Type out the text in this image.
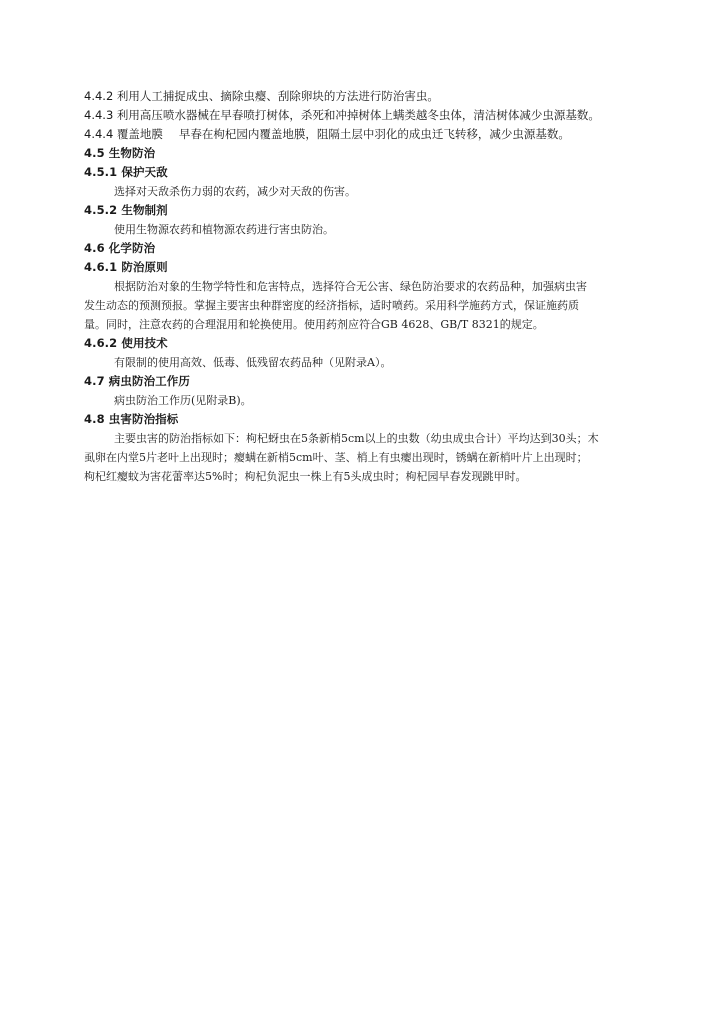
4.4.2 利用人工捕捉成虫、摘除虫瘿、刮除卵块的方法进行防治害虫。
4.4.3 利用高压喷水器械在早春喷打树体，杀死和冲掉树体上螨类越冬虫体，清洁树体减少虫源基数。
4.4.4 覆盖地膜 早春在枸杞园内覆盖地膜，阻隔土层中羽化的成虫迁飞转移，减少虫源基数。
4.5 生物防治
4.5.1 保护天敌
选择对天敌杀伤力弱的农药，减少对天敌的伤害。
4.5.2 生物制剂
使用生物源农药和植物源农药进行害虫防治。
4.6 化学防治
4.6.1 防治原则
根据防治对象的生物学特性和危害特点，选择符合无公害、绿色防治要求的农药品种，加强病虫害
发生动态的预测预报。掌握主要害虫种群密度的经济指标，适时喷药。采用科学施药方式，保证施药质
量。同时，注意农药的合理混用和轮换使用。使用药剂应符合GB 4628、GB/T 8321的规定。
4.6.2 使用技术
有限制的使用高效、低毒、低残留农药品种（见附录A）。
4.7 病虫防治工作历
病虫防治工作历(见附录B)。
4.8 虫害防治指标
主要虫害的防治指标如下：枸杞蚜虫在5条新梢5cm以上的虫数（幼虫成虫合计）平均达到30头；木
虱卵在内堂5片老叶上出现时；瘿螨在新梢5cm叶、茎、梢上有虫瘿出现时，锈螨在新梢叶片上出现时；
枸杞红瘿蚊为害花蕾率达5%时；枸杞负泥虫一株上有5头成虫时；枸杞园早春发现跳甲时。
